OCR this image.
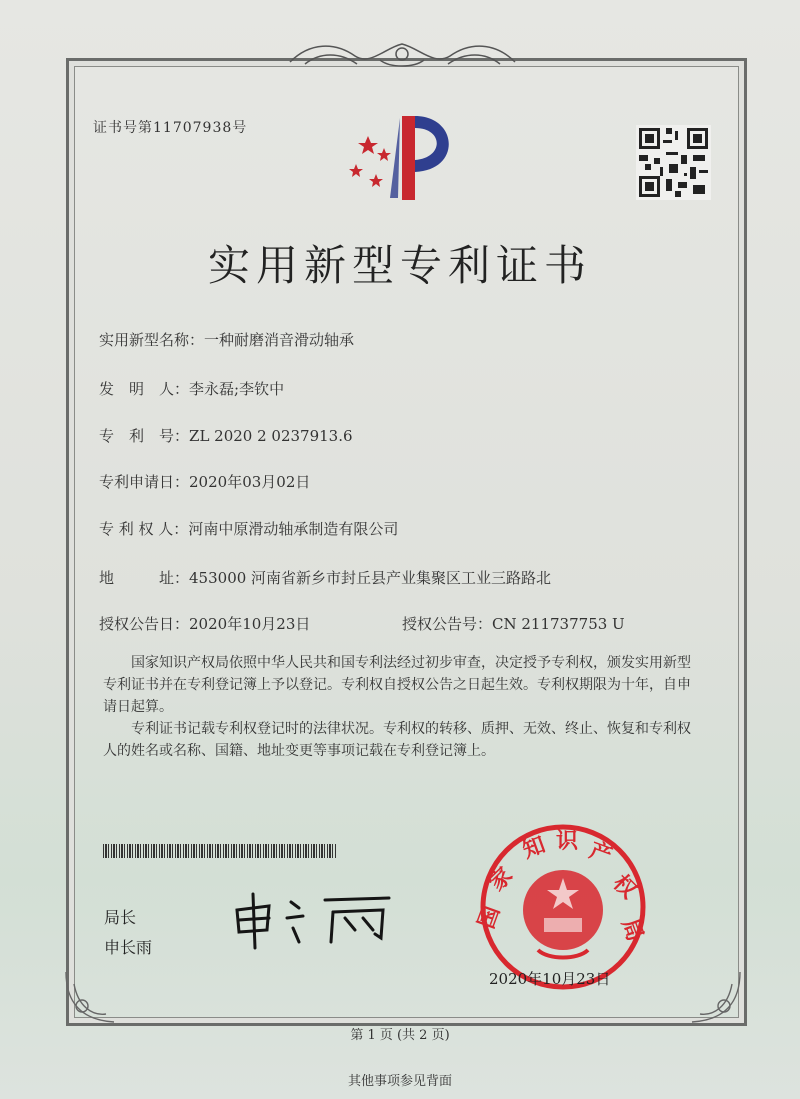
证书号第11707938号
实用新型专利证书
实用新型名称：一种耐磨消音滑动轴承
发　明　人：李永磊;李钦中
专　利　号：ZL 2020 2 0237913.6
专利申请日：2020年03月02日
专 利 权 人：河南中原滑动轴承制造有限公司
地　　　址：453000 河南省新乡市封丘县产业集聚区工业三路路北
授权公告日：2020年10月23日	授权公告号：CN 211737753 U
国家知识产权局依照中华人民共和国专利法经过初步审查，决定授予专利权，颁发实用新型专利证书并在专利登记簿上予以登记。专利权自授权公告之日起生效。专利权期限为十年，自申请日起算。
专利证书记载专利权登记时的法律状况。专利权的转移、质押、无效、终止、恢复和专利权人的姓名或名称、国籍、地址变更等事项记载在专利登记簿上。
局长
申长雨
国
家
知 识 产
权
局
2020年10月23日
第 1 页 (共 2 页)
其他事项参见背面
